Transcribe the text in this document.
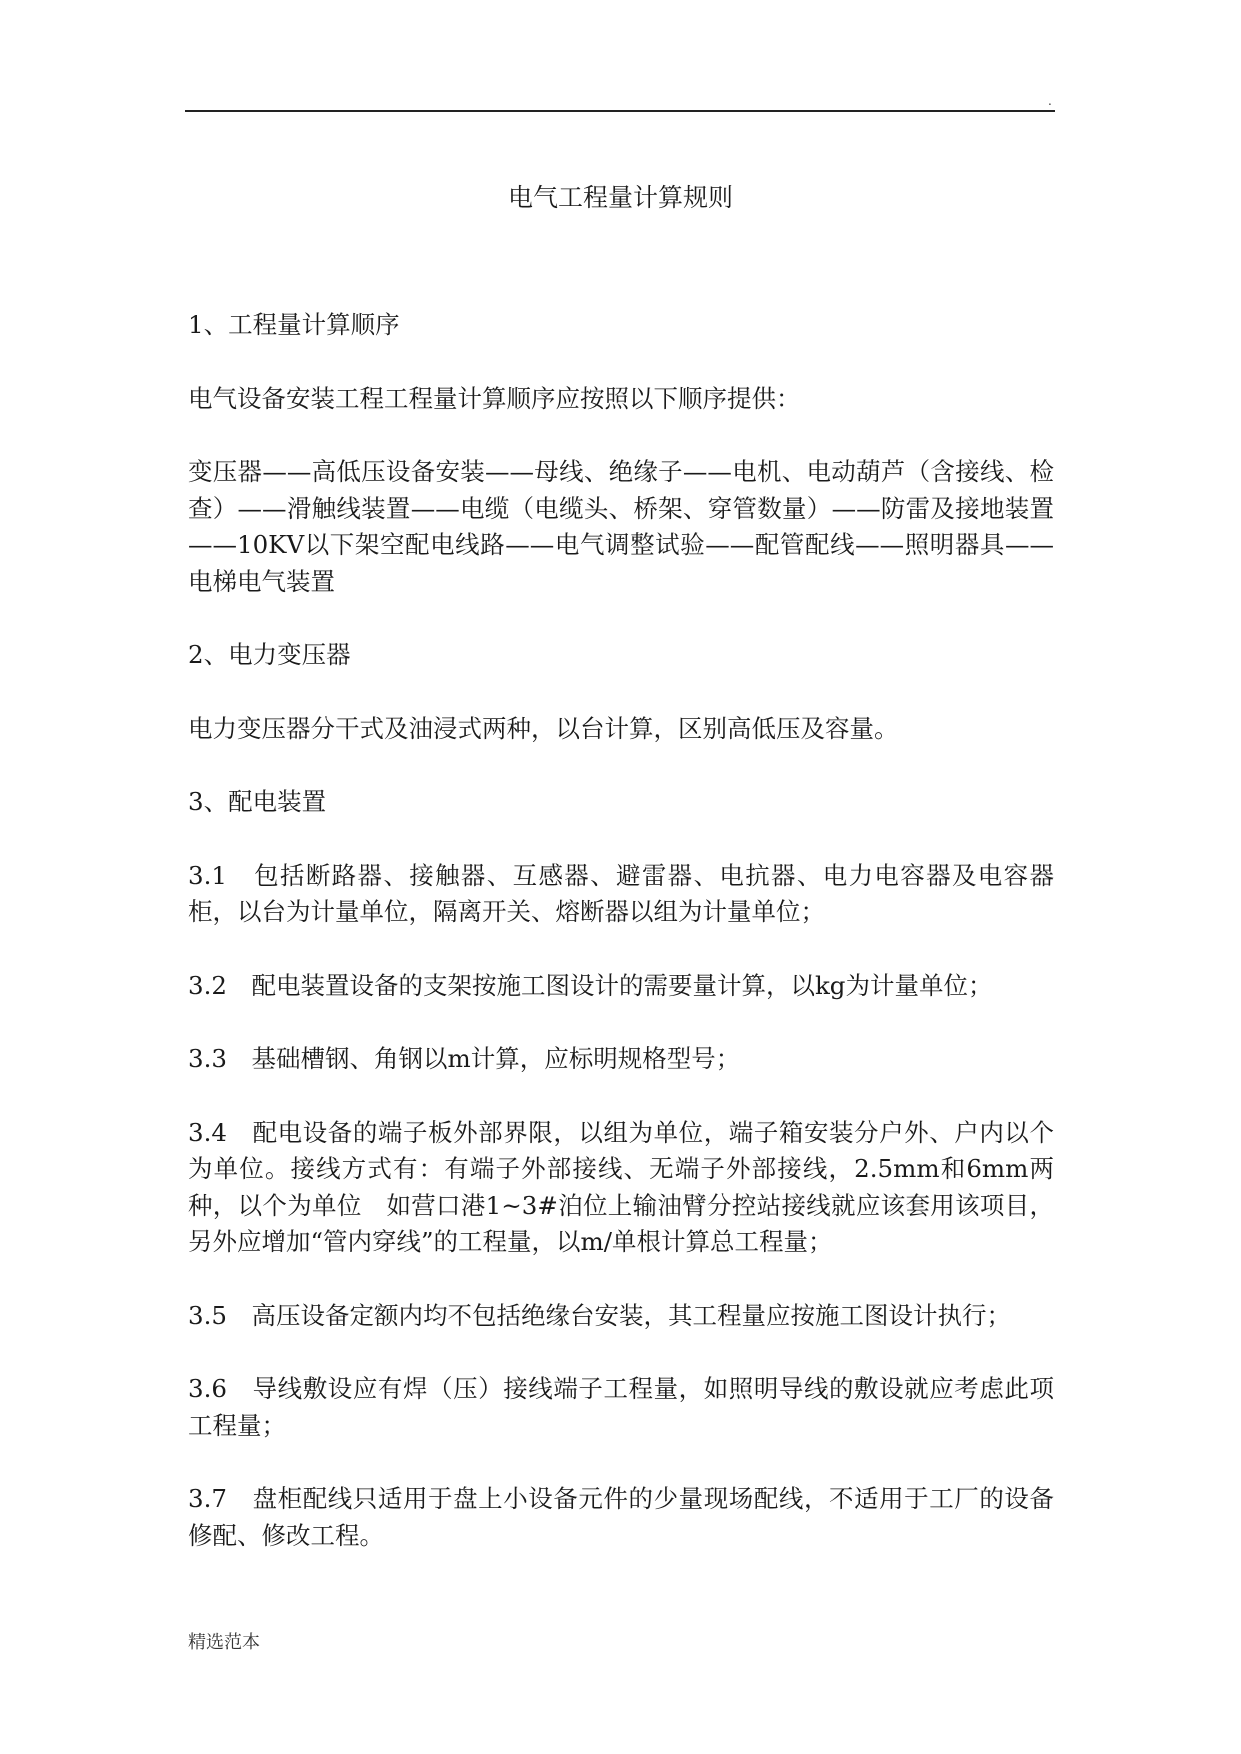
.
电气工程量计算规则

1、工程量计算顺序

电气设备安装工程工程量计算顺序应按照以下顺序提供：

变压器——高低压设备安装——母线、绝缘子——电机、电动葫芦（含接线、检查）——滑触线装置——电缆（电缆头、桥架、穿管数量）——防雷及接地装置——10KV以下架空配电线路——电气调整试验——配管配线——照明器具——电梯电气装置

2、电力变压器

电力变压器分干式及油浸式两种，以台计算，区别高低压及容量。

3、配电装置

3.1　包括断路器、接触器、互感器、避雷器、电抗器、电力电容器及电容器柜，以台为计量单位，隔离开关、熔断器以组为计量单位；

3.2　配电装置设备的支架按施工图设计的需要量计算，以kg为计量单位；

3.3　基础槽钢、角钢以m计算，应标明规格型号；

3.4　配电设备的端子板外部界限，以组为单位，端子箱安装分户外、户内以个为单位。接线方式有：有端子外部接线、无端子外部接线，2.5mm和6mm两种，以个为单位　如营口港1~3#泊位上输油臂分控站接线就应该套用该项目，另外应增加“管内穿线”的工程量，以m/单根计算总工程量；

3.5　高压设备定额内均不包括绝缘台安装，其工程量应按施工图设计执行；

3.6　导线敷设应有焊（压）接线端子工程量，如照明导线的敷设就应考虑此项工程量；

3.7　盘柜配线只适用于盘上小设备元件的少量现场配线，不适用于工厂的设备修配、修改工程。

精选范本
